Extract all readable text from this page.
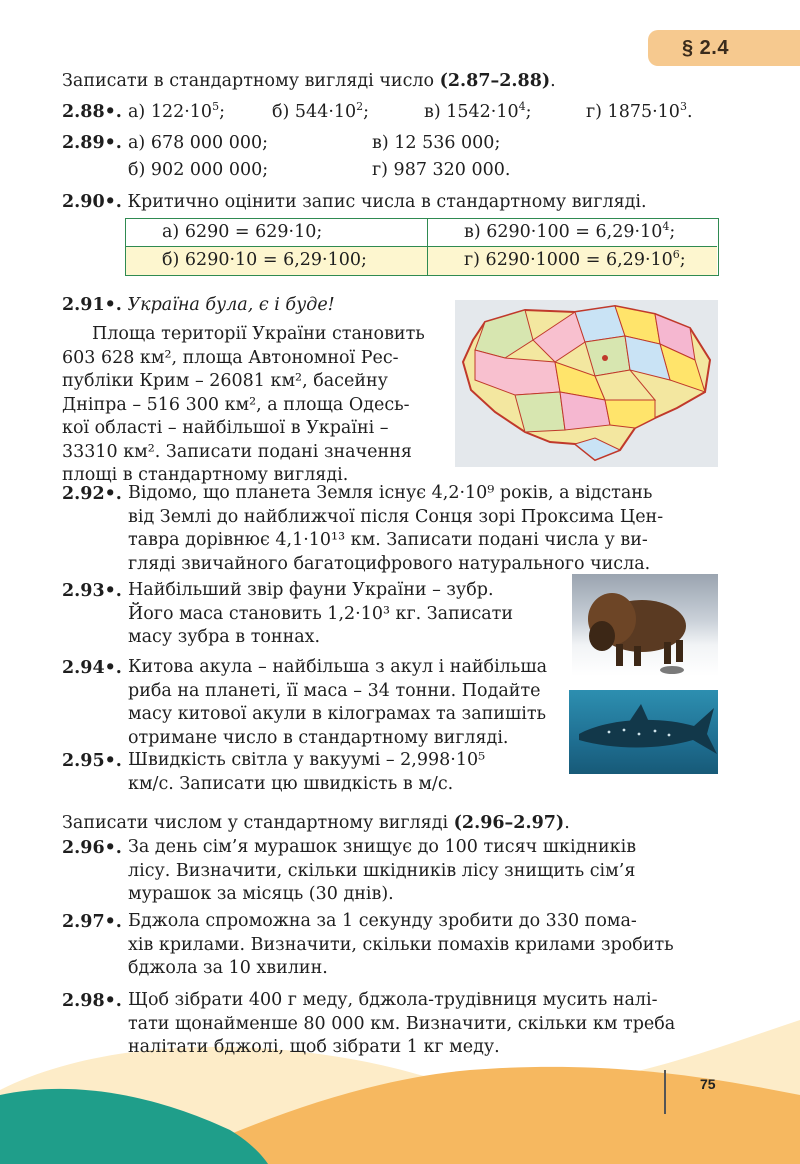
§ 2.4
Записати в стандартному вигляді число (2.87–2.88).
2.88•. а) $122\cdot 10^5$;	б) $544\cdot 10^2$;	в) $1542\cdot 10^4$;	г) $1875\cdot 10^3$.
2.89•. а) 678 000 000;	в) 12 536 000;
б) 902 000 000;	г) 987 320 000.
2.90•. Критично оцінити запис числа в стандартному вигляді.
а) 6290 = 629·10;	в) $6290\cdot 100 = 6,29\cdot 10^4$;
б) 6290·10 = 6,29·100;	г) $6290\cdot 1000 = 6,29\cdot 10^6$;
2.91•. Україна була, є і буде!
Площа території України становить
603 628 км², площа Автономної Рес-
публіки Крим – 26081 км², басейну
Дніпра – 516 300 км², а площа Одесь-
кої області – найбільшої в Україні –
33310 км². Записати подані значення
площі в стандартному вигляді.
2.92•. Відомо, що планета Земля існує 4,2·10⁹ років, а відстань
від Землі до найближчої після Сонця зорі Проксима Цен-
тавра дорівнює 4,1·10¹³ км. Записати подані числа у ви-
гляді звичайного багатоцифрового натурального числа.
2.93•. Найбільший звір фауни України – зубр.
Його маса становить 1,2·10³ кг. Записати
масу зубра в тоннах.
2.94•. Китова акула – найбільша з акул і найбільша
риба на планеті, її маса – 34 тонни. Подайте
масу китової акули в кілограмах та запишіть
отримане число в стандартному вигляді.
2.95•. Швидкість світла у вакуумі – 2,998·10⁵
км/с. Записати цю швидкість в м/с.
Записати числом у стандартному вигляді (2.96–2.97).
2.96•. За день сім’я мурашок знищує до 100 тисяч шкідників
лісу. Визначити, скільки шкідників лісу знищить сім’я
мурашок за місяць (30 днів).
2.97•. Бджола спроможна за 1 секунду зробити до 330 пома-
хів крилами. Визначити, скільки помахів крилами зробить
бджола за 10 хвилин.
2.98•. Щоб зібрати 400 г меду, бджола-трудівниця мусить налі-
тати щонайменше 80 000 км. Визначити, скільки км треба
налітати бджолі, щоб зібрати 1 кг меду.
75
